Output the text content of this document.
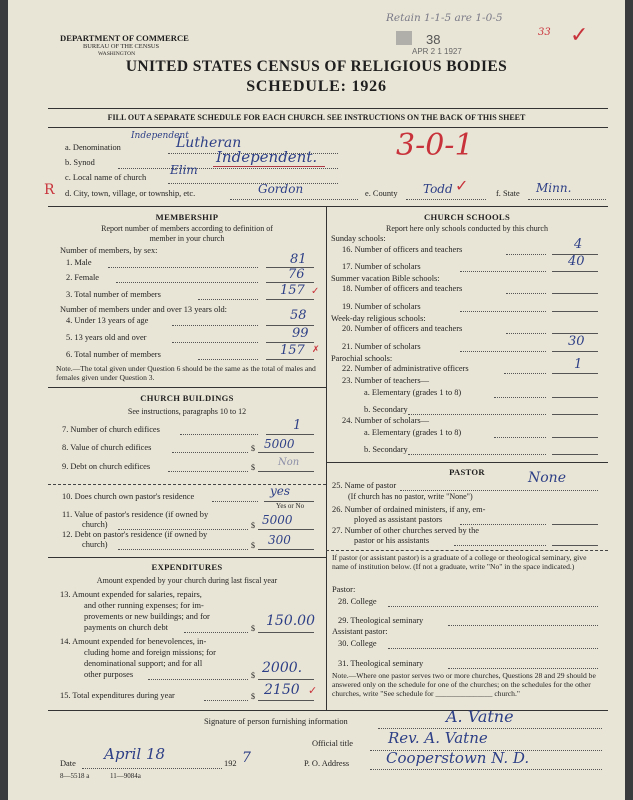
DEPARTMENT OF COMMERCE
BUREAU OF THE CENSUS
WASHINGTON
UNITED STATES CENSUS OF RELIGIOUS BODIES
SCHEDULE: 1926
FILL OUT A SEPARATE SCHEDULE FOR EACH CHURCH. SEE INSTRUCTIONS ON THE BACK OF THIS SHEET
38
APR 2 1 1927
Retain 1-1-5 are 1-0-5
33 ✓
Independent
a. Denomination	Lutheran	3-0-1
b. Synod	Independent.
c. Local name of church
Elim
R d. City, town, village, or township, etc.	Gordon	e. County Todd ✓	f. State Minn.
MEMBERSHIP
Report number of members according to definition of
member in your church
Number of members, by sex:
1. Male	81
2. Female	76
3. Total number of members	157 ✓
Number of members under and over 13 years old:
4. Under 13 years of age	58
5. 13 years old and over	99
6. Total number of members	157 ✗
Note.—The total given under Question 6 should be the same as the total of males and females given under Question 3.
CHURCH BUILDINGS
See instructions, paragraphs 10 to 12
7. Number of church edifices	1
8. Value of church edifices	$ 5000
9. Debt on church edifices	$ Non
10. Does church own pastor's residence	yes
Yes or No
11. Value of pastor's residence (if owned by
church)	$ 5000
12. Debt on pastor's residence (if owned by
church)	$ 300
EXPENDITURES
Amount expended by your church during last fiscal year
13. Amount expended for salaries, repairs,
and other running expenses; for im-
provements or new buildings; and for
payments on church debt	$ 150.00
14. Amount expended for benevolences, in-
cluding home and foreign missions; for
denominational support; and for all
other purposes	$ 2000.
15. Total expenditures during year	$ 2150 ✓
CHURCH SCHOOLS
Report here only schools conducted by this church
Sunday schools:
16. Number of officers and teachers	4
17. Number of scholars	40
Summer vacation Bible schools:
18. Number of officers and teachers
19. Number of scholars
Week-day religious schools:
20. Number of officers and teachers
21. Number of scholars	30
Parochial schools:
22. Number of administrative officers	1
23. Number of teachers—
a. Elementary (grades 1 to 8)
b. Secondary
24. Number of scholars—
a. Elementary (grades 1 to 8)
b. Secondary
PASTOR
25. Name of pastor	None
(If church has no pastor, write "None")
26. Number of ordained ministers, if any, em-
ployed as assistant pastors
27. Number of other churches served by the
pastor or his assistants
If pastor (or assistant pastor) is a graduate of a college or theological seminary, give name of institution below. (If not a graduate, write "No" in the space indicated.)
Pastor:
28. College
29. Theological seminary
Assistant pastor:
30. College
31. Theological seminary
Note.—Where one pastor serves two or more churches, Questions 28 and 29 should be answered only on the schedule for one of the churches; on the schedules for the other churches, write "See schedule for _______________ church."
Signature of person furnishing information	A. Vatne
Official title Rev. A. Vatne
Date
April 18
192 7	P. O. Address Cooperstown N. D.
8—5518 a	11—9084a
